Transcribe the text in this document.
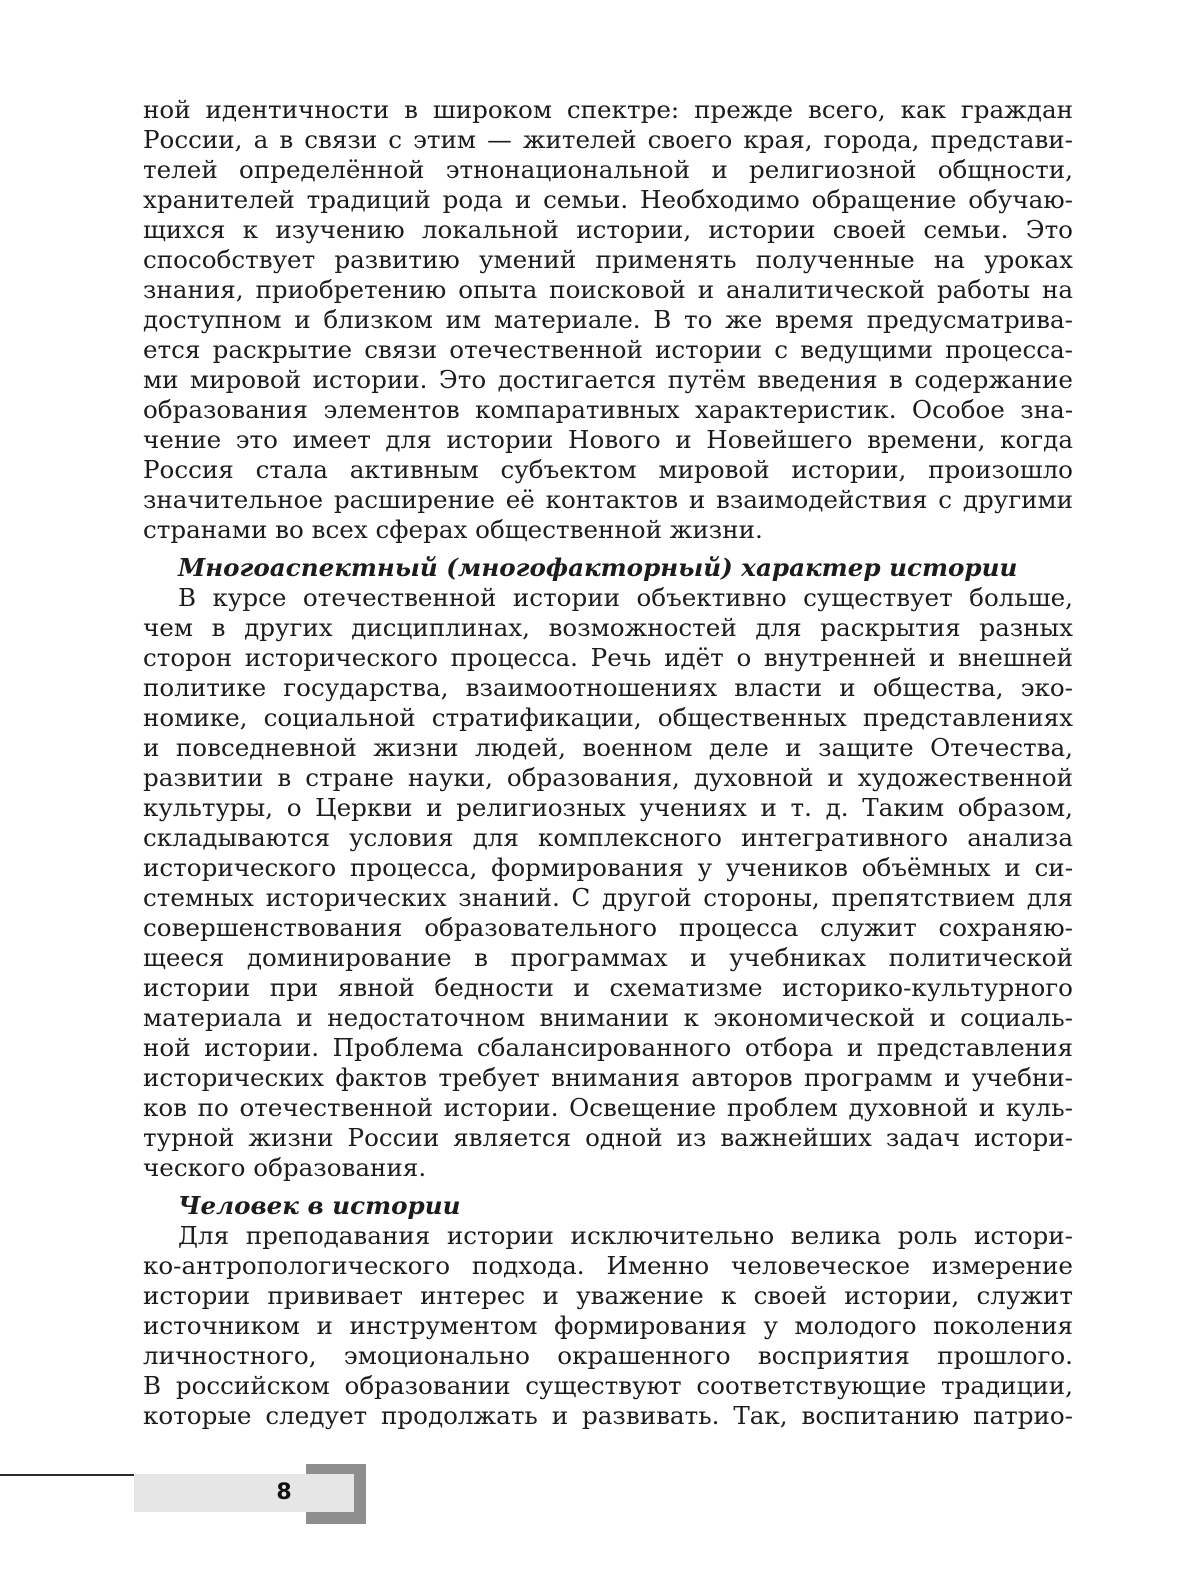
ной идентичности в широком спектре: прежде всего, как граждан
России, а в связи с этим — жителей своего края, города, представи-
телей определённой этнонациональной и религиозной общности,
хранителей традиций рода и семьи. Необходимо обращение обучаю-
щихся к изучению локальной истории, истории своей семьи. Это
способствует развитию умений применять полученные на уроках
знания, приобретению опыта поисковой и аналитической работы на
доступном и близком им материале. В то же время предусматрива-
ется раскрытие связи отечественной истории с ведущими процесса-
ми мировой истории. Это достигается путём введения в содержание
образования элементов компаративных характеристик. Особое зна-
чение это имеет для истории Нового и Новейшего времени, когда
Россия стала активным субъектом мировой истории, произошло
значительное расширение её контактов и взаимодействия с другими
странами во всех сферах общественной жизни.
Многоаспектный (многофакторный) характер истории
В курсе отечественной истории объективно существует больше,
чем в других дисциплинах, возможностей для раскрытия разных
сторон исторического процесса. Речь идёт о внутренней и внешней
политике государства, взаимоотношениях власти и общества, эко-
номике, социальной стратификации, общественных представлениях
и повседневной жизни людей, военном деле и защите Отечества,
развитии в стране науки, образования, духовной и художественной
культуры, о Церкви и религиозных учениях и т. д. Таким образом,
складываются условия для комплексного интегративного анализа
исторического процесса, формирования у учеников объёмных и си-
стемных исторических знаний. С другой стороны, препятствием для
совершенствования образовательного процесса служит сохраняю-
щееся доминирование в программах и учебниках политической
истории при явной бедности и схематизме историко-культурного
материала и недостаточном внимании к экономической и социаль-
ной истории. Проблема сбалансированного отбора и представления
исторических фактов требует внимания авторов программ и учебни-
ков по отечественной истории. Освещение проблем духовной и куль-
турной жизни России является одной из важнейших задач истори-
ческого образования.
Человек в истории
Для преподавания истории исключительно велика роль истори-
ко-антропологического подхода. Именно человеческое измерение
истории прививает интерес и уважение к своей истории, служит
источником и инструментом формирования у молодого поколения
личностного, эмоционально окрашенного восприятия прошлого.
В российском образовании существуют соответствующие традиции,
которые следует продолжать и развивать. Так, воспитанию патрио-
8
